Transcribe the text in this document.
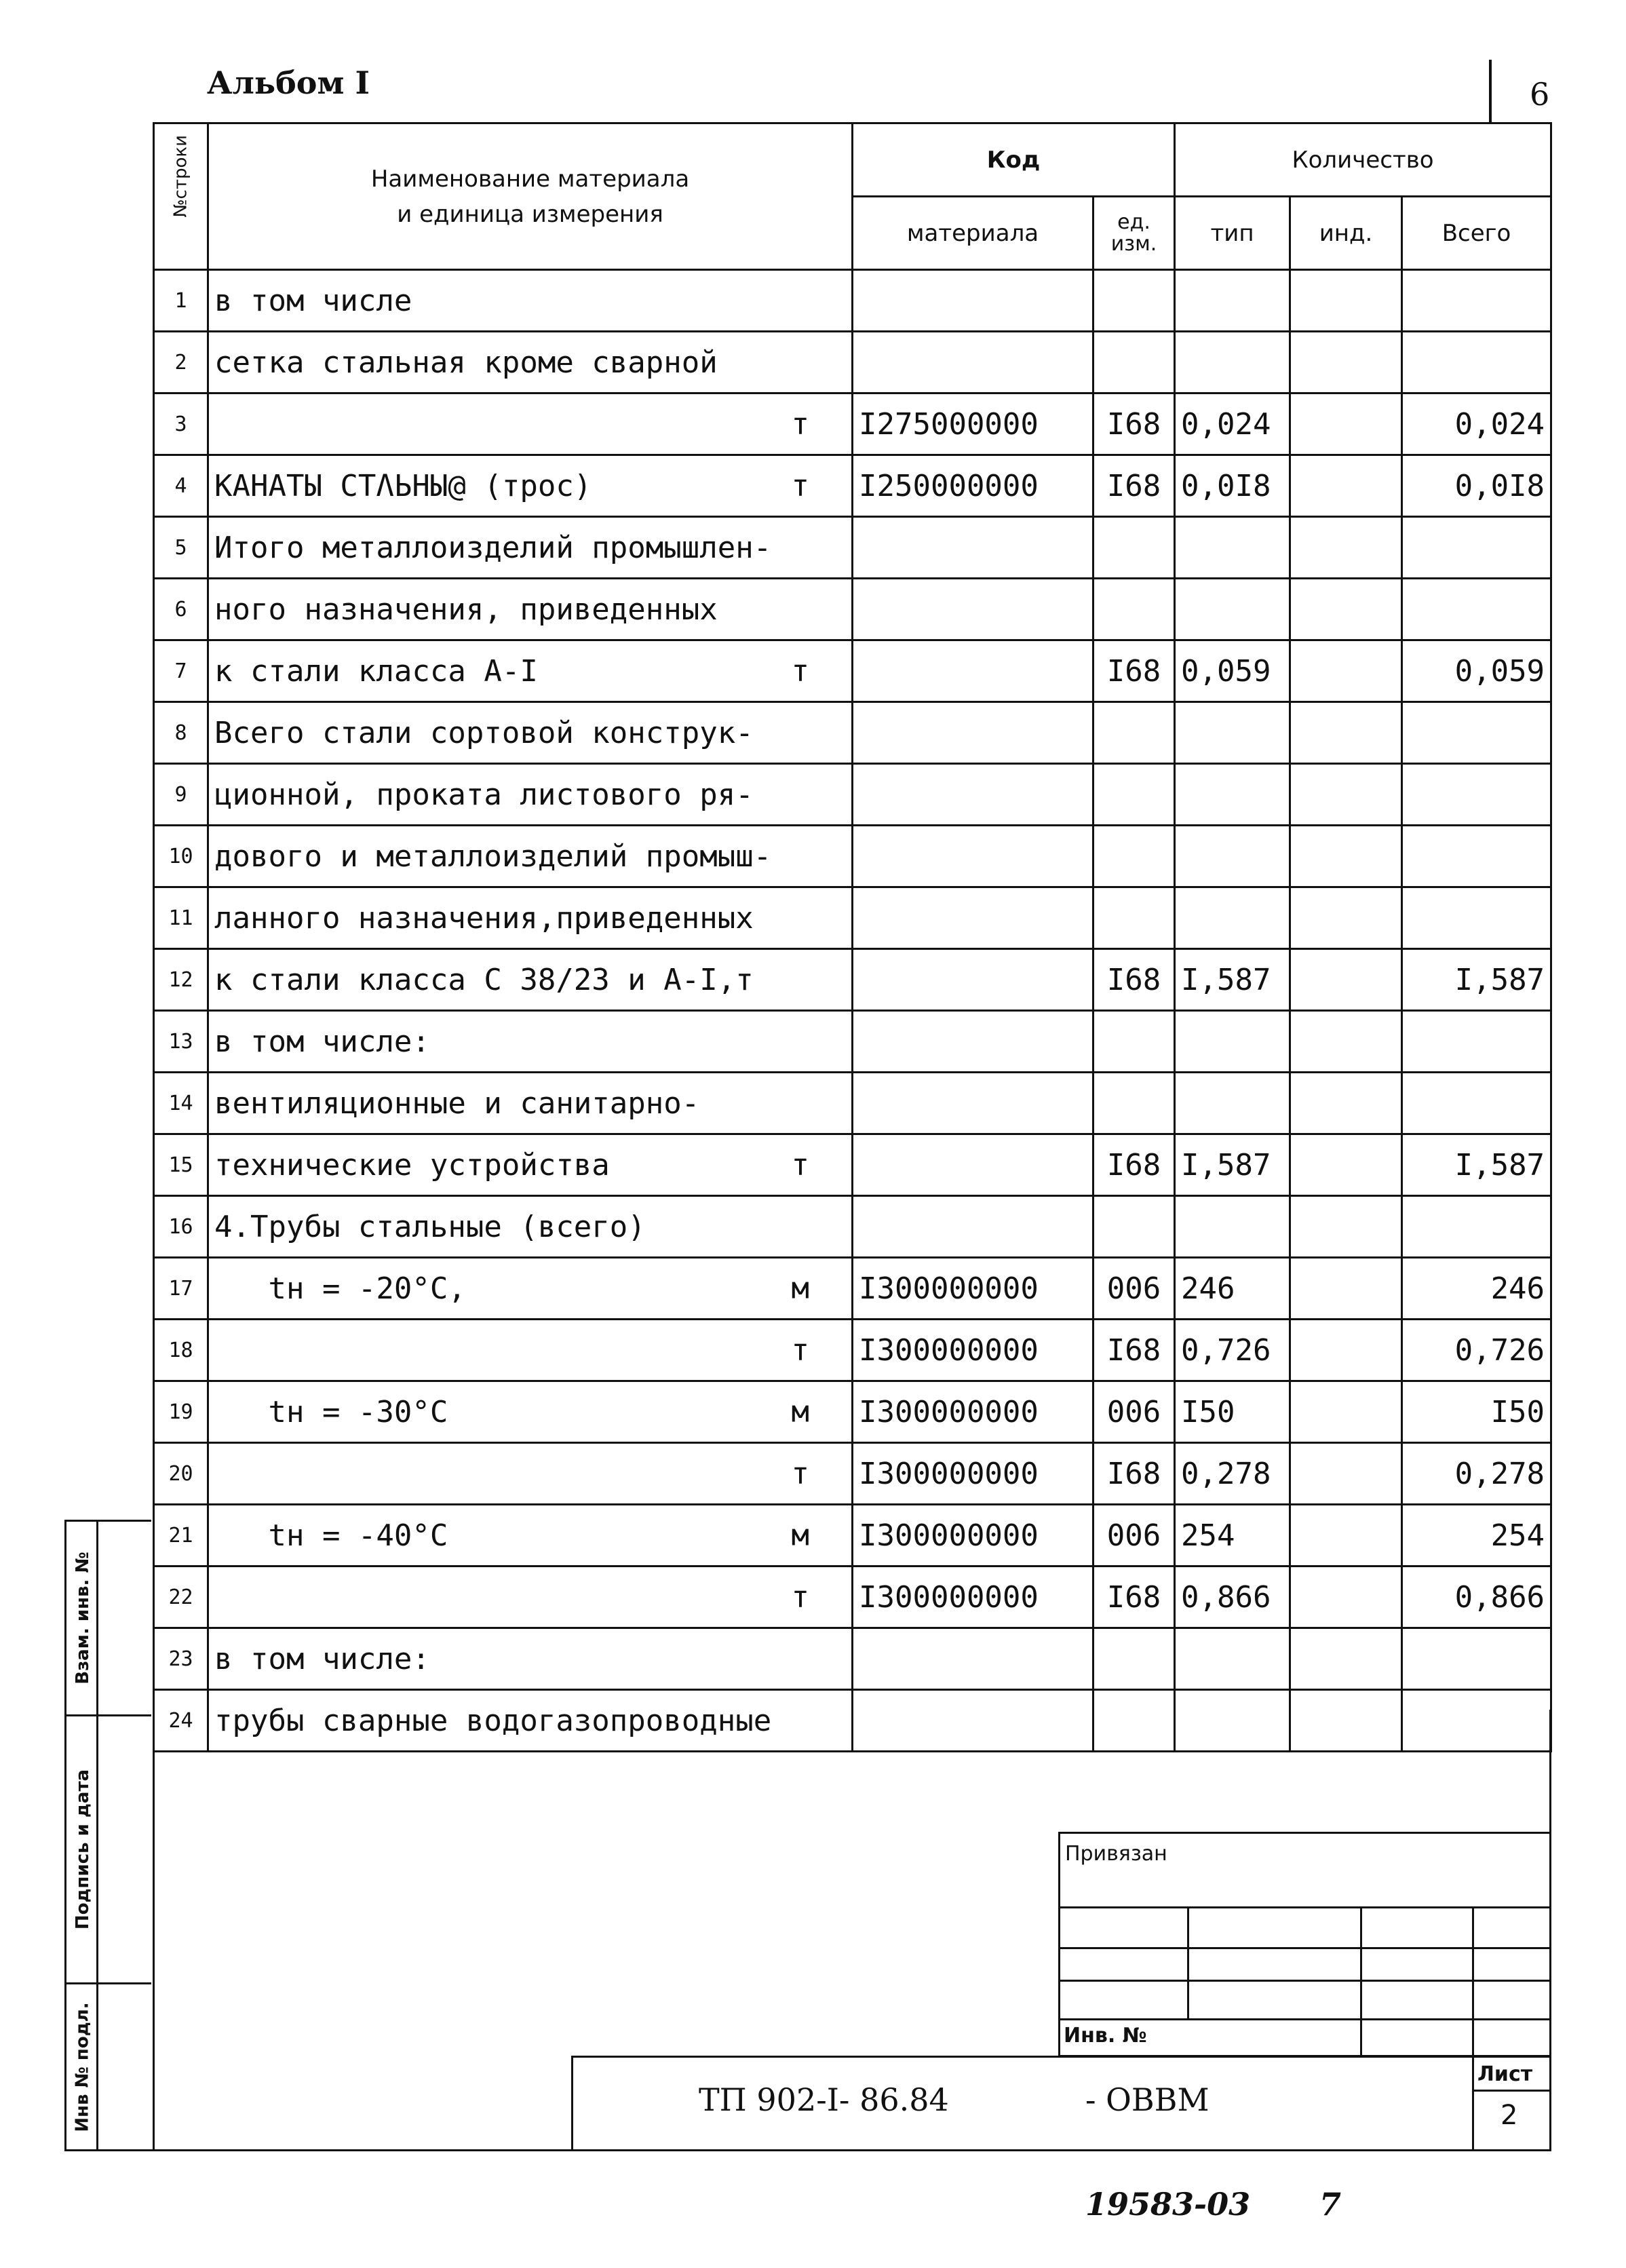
Альбом I	6
№строки	Наименование материала
и единица измерения	Код		Количество		
		материала	ед. изм.	тип	инд.	Всего
1	в том числе

2	сетка стальная кроме сварной

3	т	I275000000	I68	0,024		0,024
4	КАНАТЫ СТΛЬНЫ@ (трос) т	I250000000	I68	0,0I8		0,0I8
5	Итого металлоизделий промышлен-

6	ного назначения, приведенных

7	к стали класса А-I т		I68	0,059		0,059
8	Всего стали сортовой конструк-

9	ционной, проката листового ря-

10	дового и металлоизделий промыш-

11	ланного назначения,приведенных

12	к стали класса С 38/23 и А-I,т		I68	I,587		I,587
13	в том числе:

14	вентиляционные и санитарно-

15	технические устройства т		I68	I,587		I,587
16	4.Трубы стальные (всего)

17	tн = -20°С, м	I300000000	006	246		246
18	т	I300000000	I68	0,726		0,726
19	tн = -30°С м	I300000000	006	I50		I50
20	т	I300000000	I68	0,278		0,278
21	tн = -40°С м	I300000000	006	254		254
22	т	I300000000	I68	0,866		0,866
23	в том числе:

24	трубы сварные водогазопроводные

Взам. инв. №
Подпись и дата
Инв № подл.
Привязан
Инв. №
Лист
2
ТП 902-I- 86.84	- ОВВМ
19583-03 7
